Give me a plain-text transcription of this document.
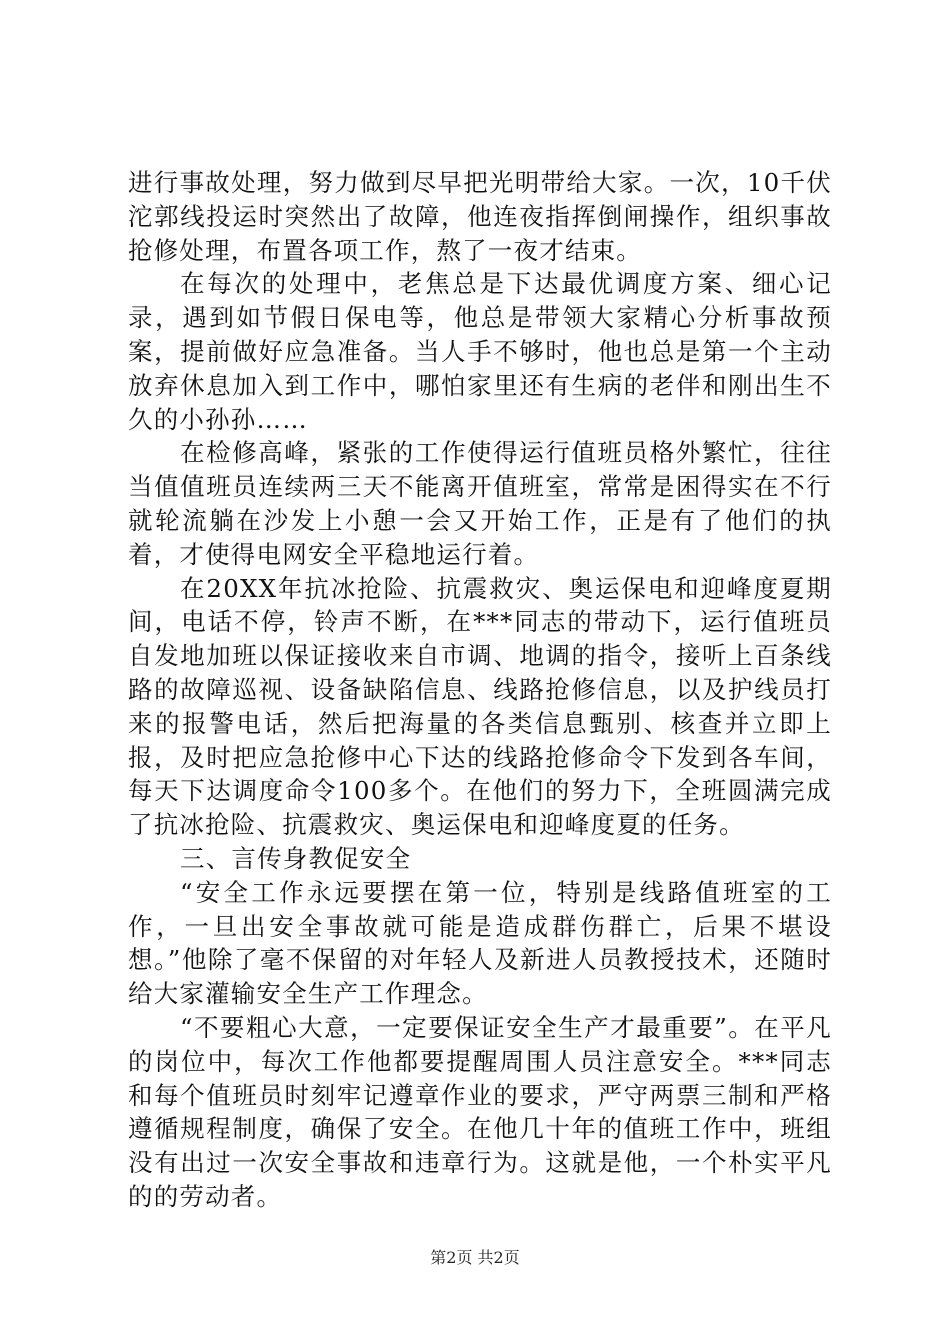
进行事故处理，努力做到尽早把光明带给大家。一次，10千伏沱郭线投运时突然出了故障，他连夜指挥倒闸操作，组织事故抢修处理，布置各项工作，熬了一夜才结束。

在每次的处理中，老焦总是下达最优调度方案、细心记录，遇到如节假日保电等，他总是带领大家精心分析事故预案，提前做好应急准备。当人手不够时，他也总是第一个主动放弃休息加入到工作中，哪怕家里还有生病的老伴和刚出生不久的小孙孙……

在检修高峰，紧张的工作使得运行值班员格外繁忙，往往当值值班员连续两三天不能离开值班室，常常是困得实在不行就轮流躺在沙发上小憩一会又开始工作，正是有了他们的执着，才使得电网安全平稳地运行着。

在20XX年抗冰抢险、抗震救灾、奥运保电和迎峰度夏期间，电话不停，铃声不断，在***同志的带动下，运行值班员自发地加班以保证接收来自市调、地调的指令，接听上百条线路的故障巡视、设备缺陷信息、线路抢修信息，以及护线员打来的报警电话，然后把海量的各类信息甄别、核查并立即上报，及时把应急抢修中心下达的线路抢修命令下发到各车间，每天下达调度命令100多个。在他们的努力下，全班圆满完成了抗冰抢险、抗震救灾、奥运保电和迎峰度夏的任务。

三、言传身教促安全

“安全工作永远要摆在第一位，特别是线路值班室的工作，一旦出安全事故就可能是造成群伤群亡，后果不堪设想。”他除了毫不保留的对年轻人及新进人员教授技术，还随时给大家灌输安全生产工作理念。

“不要粗心大意，一定要保证安全生产才最重要”。在平凡的岗位中，每次工作他都要提醒周围人员注意安全。***同志和每个值班员时刻牢记遵章作业的要求，严守两票三制和严格遵循规程制度，确保了安全。在他几十年的值班工作中，班组没有出过一次安全事故和违章行为。这就是他，一个朴实平凡的的劳动者。

第2页 共2页
